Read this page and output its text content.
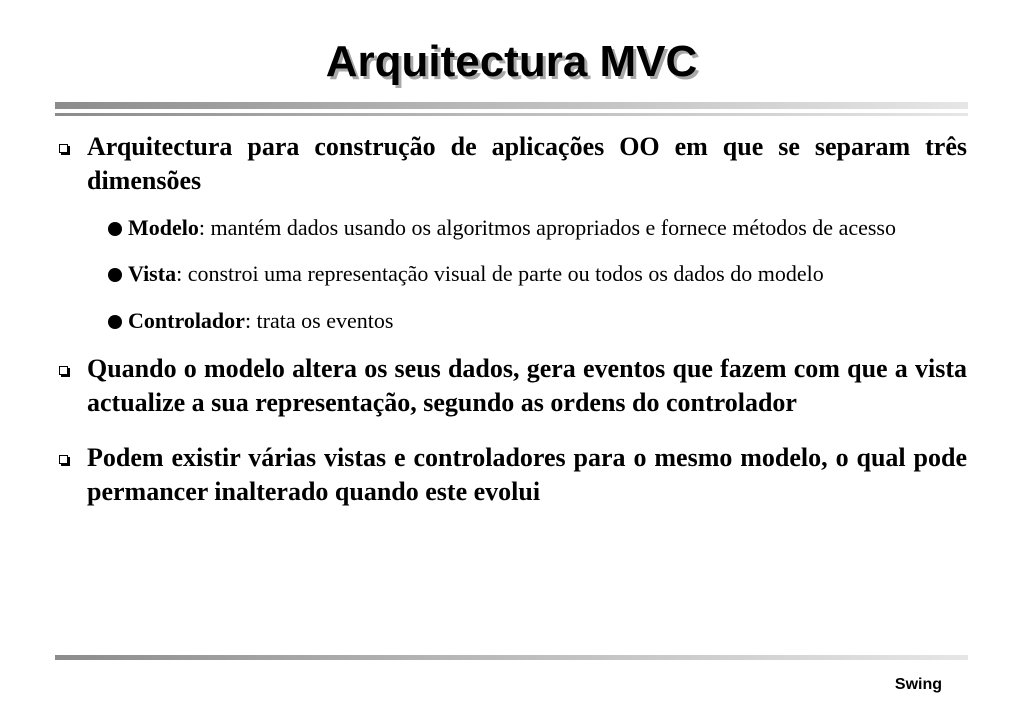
Arquitectura MVC
Arquitectura para construção de aplicações OO em que se separam três dimensões
Modelo: mantém dados usando os algoritmos apropriados e fornece métodos de acesso
Vista: constroi uma representação visual de parte ou todos os dados do modelo
Controlador: trata os eventos
Quando o modelo altera os seus dados, gera eventos que fazem com que a vista actualize a sua representação, segundo as ordens do controlador
Podem existir várias vistas e controladores para o mesmo modelo, o qual pode permancer inalterado quando este evolui
Swing
